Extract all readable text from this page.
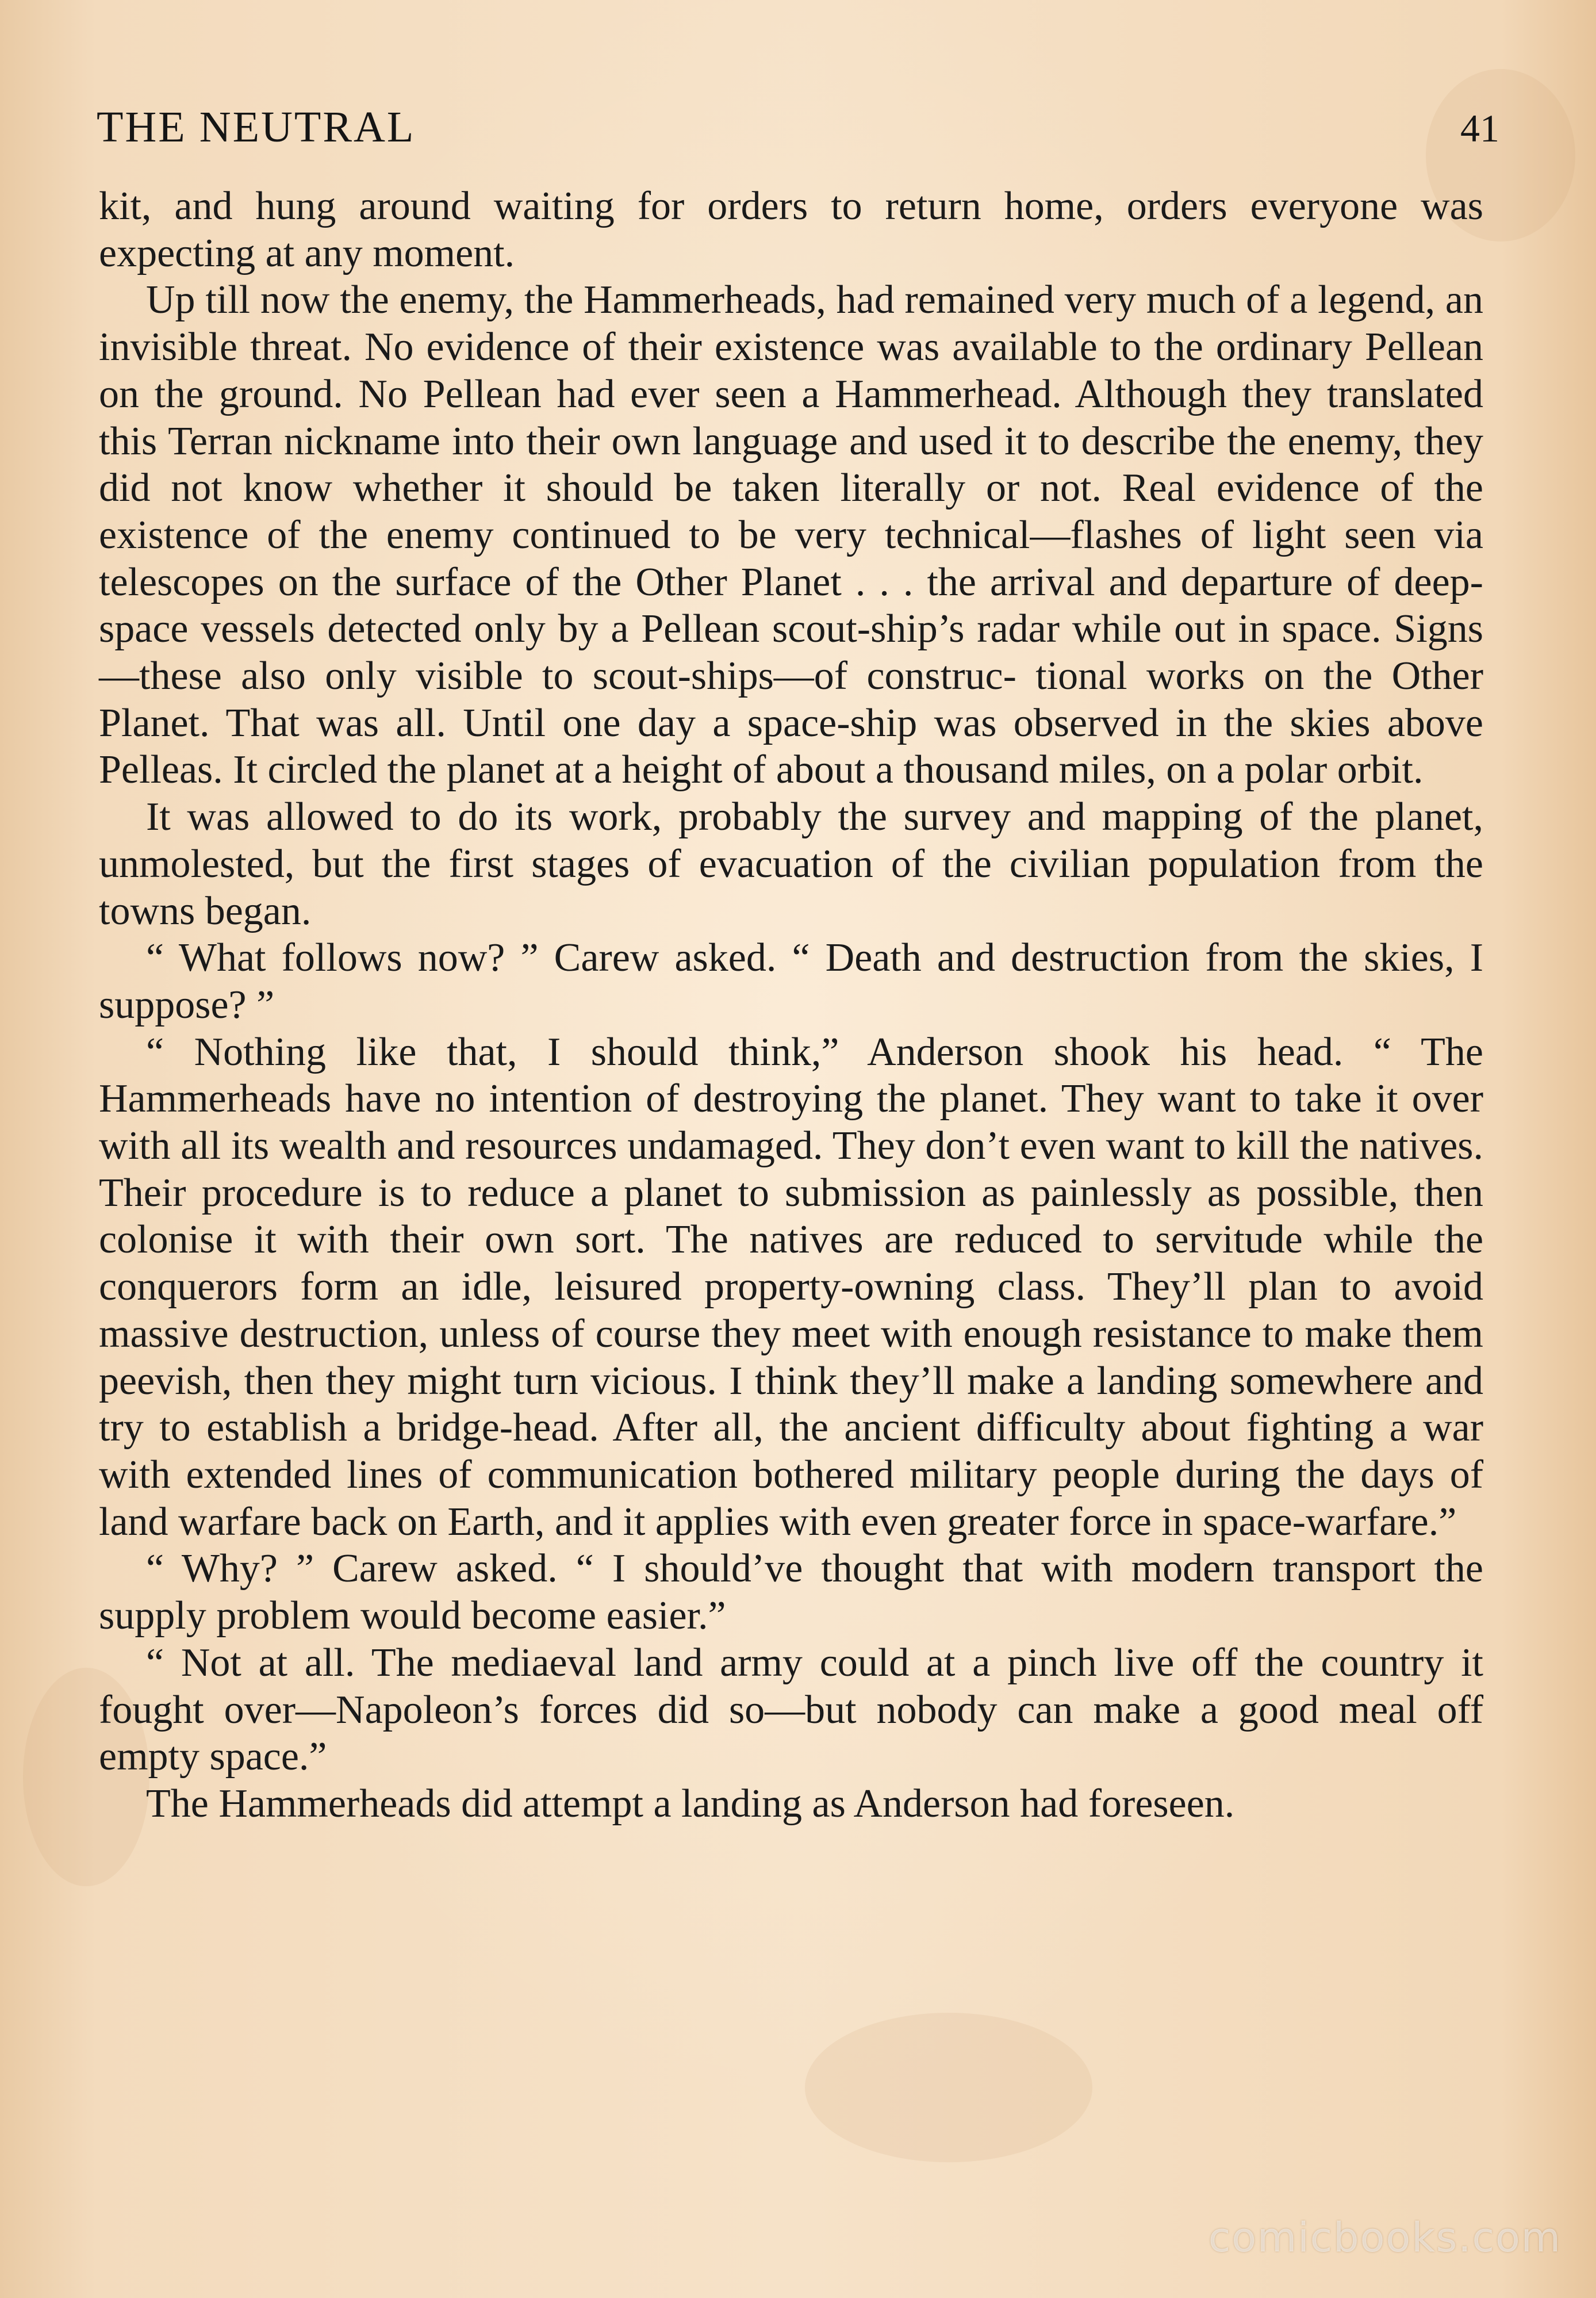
THE NEUTRAL	41

kit, and hung around waiting for orders to return home, orders everyone was expecting at any moment.

Up till now the enemy, the Hammerheads, had remained very much of a legend, an invisible threat. No evidence of their existence was available to the ordinary Pellean on the ground. No Pellean had ever seen a Hammerhead. Although they translated this Terran nickname into their own language and used it to describe the enemy, they did not know whether it should be taken literally or not. Real evidence of the existence of the enemy continued to be very technical—flashes of light seen via telescopes on the surface of the Other Planet . . . the arrival and departure of deep-space vessels detected only by a Pellean scout-ship’s radar while out in space. Signs—these also only visible to scout-ships—of construc- tional works on the Other Planet. That was all. Until one day a space-ship was observed in the skies above Pelleas. It circled the planet at a height of about a thousand miles, on a polar orbit.

It was allowed to do its work, probably the survey and mapping of the planet, unmolested, but the first stages of evacuation of the civilian population from the towns began.

“ What follows now? ” Carew asked. “ Death and destruction from the skies, I suppose? ”

“ Nothing like that, I should think,” Anderson shook his head. “ The Hammerheads have no intention of destroying the planet. They want to take it over with all its wealth and resources undamaged. They don’t even want to kill the natives. Their procedure is to reduce a planet to submission as painlessly as possible, then colonise it with their own sort. The natives are reduced to servitude while the conquerors form an idle, leisured property-owning class. They’ll plan to avoid massive destruction, unless of course they meet with enough resistance to make them peevish, then they might turn vicious. I think they’ll make a landing somewhere and try to establish a bridge-head. After all, the ancient difficulty about fighting a war with extended lines of communication bothered military people during the days of land warfare back on Earth, and it applies with even greater force in space-warfare.”

“ Why? ” Carew asked. “ I should’ve thought that with modern transport the supply problem would become easier.”

“ Not at all. The mediaeval land army could at a pinch live off the country it fought over—Napoleon’s forces did so—but nobody can make a good meal off empty space.”

The Hammerheads did attempt a landing as Anderson had foreseen.

comicbooks.com
